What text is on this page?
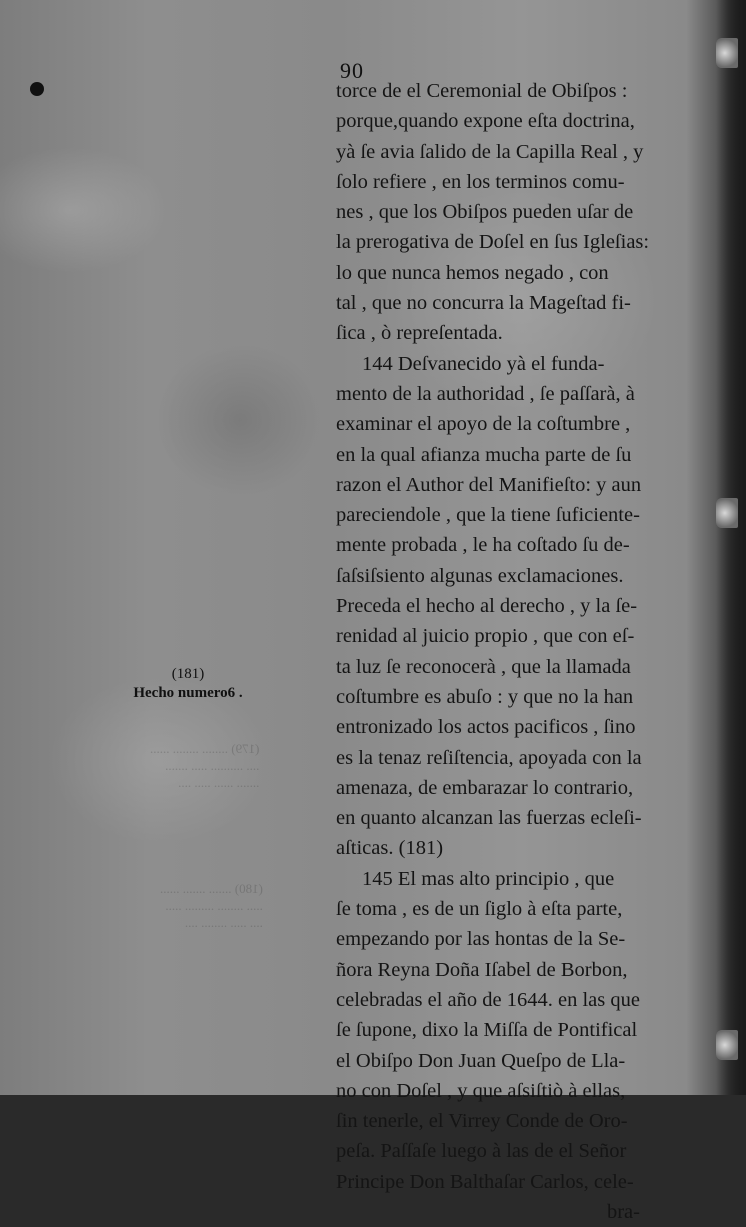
(179) ........ ........ ......
.... .......... ..... .......
....... ...... ..... ....
(180) ....... ....... ......
..... ........ ......... .....
.... ..... ........ ....
90
torce de el Ceremonial de Obiſpos :
porque,quando expone eſta doctrina,
yà ſe avia ſalido de la Capilla Real , y
ſolo refiere , en los terminos comu-
nes , que los Obiſpos pueden uſar de
la prerogativa de Doſel en ſus Igleſias:
lo que nunca hemos negado , con
tal , que no concurra la Mageſtad fi-
ſica , ò repreſentada.
144 Deſvanecido yà el funda-
mento de la authoridad , ſe paſſarà, à
examinar el apoyo de la coſtumbre ,
en la qual afianza mucha parte de ſu
razon el Author del Manifieſto: y aun
pareciendole , que la tiene ſuficiente-
mente probada , le ha coſtado ſu de-
ſaſsiſsiento algunas exclamaciones.
Preceda el hecho al derecho , y la ſe-
renidad al juicio propio , que con eſ-
ta luz ſe reconocerà , que la llamada
coſtumbre es abuſo : y que no la han
entronizado los actos pacificos , ſino
es la tenaz reſiſtencia, apoyada con la
amenaza, de embarazar lo contrario,
en quanto alcanzan las fuerzas ecleſi-
aſticas. (181)
145 El mas alto principio , que
ſe toma , es de un ſiglo à eſta parte,
empezando por las hontas de la Se-
ñora Reyna Doña Iſabel de Borbon,
celebradas el año de 1644. en las que
ſe ſupone, dixo la Miſſa de Pontifical
el Obiſpo Don Juan Queſpo de Lla-
no con Doſel , y que aſsiſtiò à ellas,
ſin tenerle, el Virrey Conde de Oro-
peſa. Paſſaſe luego à las de el Señor
Principe Don Balthaſar Carlos, cele-
bra-
(181)
Hecho numero6 .
